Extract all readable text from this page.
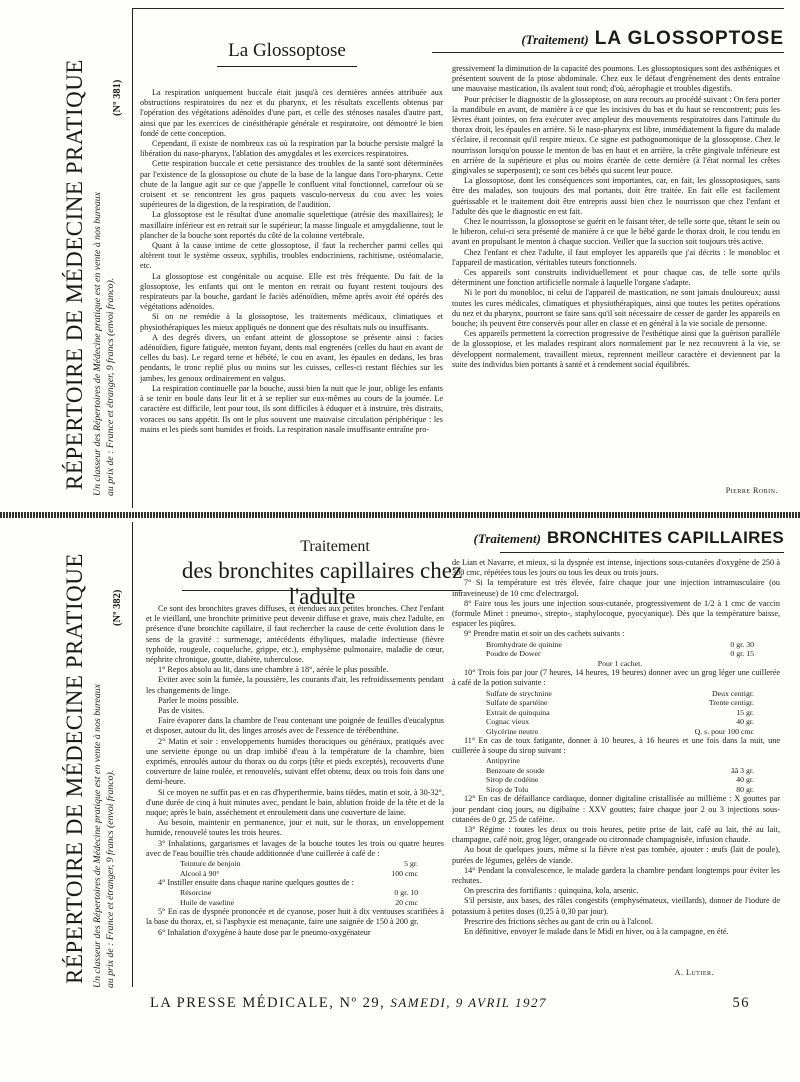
RÉPERTOIRE DE MÉDECINE PRATIQUE Un classeur des Répertoires de Médecine pratique est en vente à nos bureaux au prix de : France et étranger, 9 francs (envoi franco).
(Nº 381)
La Glossoptose
(Traitement) LA GLOSSOPTOSE

La respiration uniquement buccale était jusqu'à ces dernières années attribuée aux obstructions respiratoires du nez et du pharynx, et les résultats excellents obtenus par l'opération des végétations adénoïdes d'une part, et celle des sténoses nasales d'autre part, ainsi que par les exercices de cinésithérapie générale et respiratoire, ont démontré le bien fondé de cette conception.

Cependant, il existe de nombreux cas où la respiration par la bouche persiste malgré la libération du naso-pharynx, l'ablation des amygdales et les exercices respiratoires.

Cette respiration buccale et cette persistance des troubles de la santé sont déterminées par l'existence de la glossoptose ou chute de la base de la langue dans l'oro-pharynx. Cette chute de la langue agit sur ce que j'appelle le confluent vital fonctionnel, carrefour où se croisent et se rencontrent les gros paquets vasculo-nerveux du cou avec les voies supérieures de la digestion, de la respiration, de l'audition.

La glossoptose est le résultat d'une anomalie squelettique (atrésie des maxillaires); le maxillaire inférieur est en retrait sur le supérieur; la masse linguale et amygdalienne, tout le plancher de la bouche sont reportés du côté de la colonne vertébrale.

Quant à la cause intime de cette glossoptose, il faut la rechercher parmi celles qui altèrent tout le système osseux, syphilis, troubles endocriniens, rachitisme, ostéomalacie, etc.

La glossoptose est congénitale ou acquise. Elle est très fréquente. Du fait de la glossoptose, les enfants qui ont le menton en retrait ou fuyant restent toujours des respirateurs par la bouche, gardant le faciès adénoïdien, même après avoir été opérés des végétations adénoïdes.

Si on ne remédie à la glossoptose, les traitements médicaux, climatiques et physiothérapiques les mieux appliqués ne donnent que des résultats nuls ou insuffisants.

A des degrés divers, un enfant atteint de glossoptose se présente ainsi : facies adénoïdien, figure fatiguée, menton fuyant, dents mal engrenées (celles du haut en avant de celles du bas). Le regard terne et hébété, le cou en avant, les épaules en dedans, les bras pendants, le tronc replié plus ou moins sur les cuisses, celles-ci restant fléchies sur les jambes, les genoux ordinairement en valgus.

La respiration continuelle par la bouche, aussi bien la nuit que le jour, oblige les enfants à se tenir en boule dans leur lit et à se replier sur eux-mêmes au cours de la journée. Le caractère est difficile, lent pour tout, ils sont difficiles à éduquer et à instruire, très distraits, voraces ou sans appétit. Ils ont le plus souvent une mauvaise circulation périphérique : les mains et les pieds sont humides et froids. La respiration nasale insuffisante entraîne pro-

gressivement la diminution de la capacité des poumons. Les glossoptosiques sont des asthéniques et présentent souvent de la ptose abdominale. Chez eux le défaut d'engrènement des dents entraîne une mauvaise mastication, ils avalent tout rond; d'où, aérophagie et troubles digestifs.

Pour préciser le diagnostic de la glossoptose, on aura recours au procédé suivant : On fera porter la mandibule en avant, de manière à ce que les incisives du bas et du haut se rencontrent; puis les lèvres étant jointes, on fera exécuter avec ampleur des mouvements respiratoires dans l'attitude du thorax droit, les épaules en arrière. Si le naso-pharynx est libre, immédiatement la figure du malade s'éclaire, il reconnait qu'il respire mieux. Ce signe est pathognomonique de la glossoptose. Chez le nourrisson lorsqu'on pousse le menton de bas en haut et en arrière, la crête gingivale inférieure est en arrière de la supérieure et plus ou moins écartée de cette dernière (à l'état normal les crêtes gingivales se superposent); ce sont ces bébés qui sucent leur pouce.

La glossoptose, dont les conséquences sont importantes, car, en fait, les glossoptosiques, sans être des malades, son toujours des mal portants, doit être traitée. En fait elle est facilement guérissable et le traitement doit être entrepris aussi bien chez le nourrisson que chez l'enfant et l'adulte dès que le diagnostic en est fait.

Chez le nourrisson, la glossoptose se guérit en le faisant téter, de telle sorte que, tétant le sein ou le biberon, celui-ci sera présenté de manière à ce que le bébé garde le thorax droit, le cou tendu en avant en propulsant le menton à chaque succion. Veiller que la succion soit toujours très active.

Chez l'enfant et chez l'adulte, il faut employer les appareils que j'ai décrits : le monobloc et l'appareil de mastication, véritables tuteurs fonctionnels.

Ces appareils sont construits individuellement et pour chaque cas, de telle sorte qu'ils déterminent une fonction artificielle normale à laquelle l'organe s'adapte.

Ni le port du monobloc, ni celui de l'appareil de mastication, ne sont jamais douloureux; aussi toutes les cures médicales, climatiques et physiothérapiques, ainsi que toutes les petites opérations du nez et du pharynx, pourront se faire sans qu'il soit nécessaire de cesser de garder les appareils en bouche; ils peuvent être conservés pour aller en classe et en général à la vie sociale de personne.

Ces appareils permettent la correction progressive de l'esthétique ainsi que la guérison parallèle de la glossoptose, et les malades respirant alors normalement par le nez recouvrent à la vie, se développent normalement, travaillent mieux, reprennent meilleur caractère et deviennent par la suite des individus bien portants à santé et à rendement social équilibrés.

Pierre Robin.
RÉPERTOIRE DE MÉDECINE PRATIQUE Un classeur des Répertoires de Médecine pratique est en vente à nos bureaux au prix de : France et étranger, 9 francs (envoi franco).
(Nº 382)
Traitement
des bronchites capillaires chez l'adulte
(Traitement) BRONCHITES CAPILLAIRES

Ce sont des bronchites graves diffuses, et étendues aux petites bronches. Chez l'enfant et le vieillard, une bronchite primitive peut devenir diffuse et grave, mais chez l'adulte, en présence d'une bronchite capillaire, il faut rechercher la cause de cette évolution dans le sens de la gravité : surmenage, antécédents éthyliques, maladie infectieuse (fièvre typhoïde, rougeole, coqueluche, grippe, etc.), emphysème pulmonaire, maladie de cœur, néphrite chronique, goutte, diabète, tuberculose.

1° Repos absolu au lit, dans une chambre à 18°, aérée le plus possible.

Eviter avec soin la fumée, la poussière, les courants d'air, les refroidissements pendant les changements de linge.

Parler le moins possible.

Pas de visites.

Faire évaporer dans la chambre de l'eau contenant une poignée de feuilles d'eucalyptus et disposer, autour du lit, des linges arrosés avec de l'essence de térébenthine.

2° Matin et soir : enveloppements humides thoraciques ou généraux, pratiqués avec une serviette éponge ou un drap imbibé d'eau à la température de la chambre, bien exprimés, enroulés autour du thorax ou du corps (tête et pieds exceptés), recouverts d'une couverture de laine roulée, et renouvelés, suivant effet obtenu, deux ou trois fois dans une demi-heure.

Si ce moyen ne suffit pas et en cas d'hyperthermie, bains tièdes, matin et soir, à 30-32°, d'une durée de cinq à huit minutes avec, pendant le bain, ablution froide de la tête et de la nuque; après le bain, asséchement et enroulement dans une couverture de laine.

Au besoin, maintenir en permanence, jour et nuit, sur le thorax, un enveloppement humide, renouvelé toutes les trois heures.

3° Inhalations, gargarismes et lavages de la bouche toutes les trois ou quatre heures avec de l'eau bouillie très chaude additionnée d'une cuillerée à café de :

Teinture de benjoin	5 gr.
Alcool à 90°	100 cmc

4° Instiller ensuite dans chaque narine quelques gouttes de :

Résorcine	0 gr. 10
Huile de vaseline	20 cmc

5° En cas de dyspnée prononcée et de cyanose, poser huit à dix ventouses scarifiées à la base du thorax, et, si l'asphyxie est menaçante, faire une saignée de 150 à 200 gr.

6° Inhalation d'oxygène à haute dose par le pneumo-oxygénateur

de Lian et Navarre, et mieux, si la dyspnée est intense, injections sous-cutanées d'oxygène de 250 à 300 cmc, répétées tous les jours ou tous les deux ou trois jours.

7° Si la température est très élevée, faire chaque jour une injection intramusculaire (ou intraveineuse) de 10 cmc d'electrargol.

8° Faire tous les jours une injection sous-cutanée, progressivement de 1/2 à 1 cmc de vaccin (formule Minet : pneumo-, strepto-, staphylocoque, pyocyanique). Dès que la température baisse, espacer les piqûres.

9° Prendre matin et soir un des cachets suivants :

Bromhydrate de quinine	0 gr. 30
Poudre de Dower	0 gr. 15
Pour 1 cachet.

10° Trois fois par jour (7 heures, 14 heures, 19 heures) donner avec un grog léger une cuillerée à café de la potion suivante :

Sulfate de strychnine	Deux centigr.
Sulfate de spartéine	Trente centigr.
Extrait de quinquina	15 gr.
Cognac vieux	40 gr.
Glycérine neutre	Q. s. pour 100 cmc

11° En cas de toux fatigante, donner à 10 heures, à 16 heures et une fois dans la nuit, une cuillerée à soupe du sirop suivant :

Antipyrine
Benzoate de soude	ãã 3 gr.
Sirop de codéine	40 gr.
Sirop de Tolu	80 gr.

12° En cas de défaillance cardiaque, donner digitaline cristallisée au millième : X gouttes par jour pendant cinq jours, ou digibaïne : XXV gouttes; faire chaque jour 2 ou 3 injections sous-cutanées de 0 gr. 25 de caféine.

13° Régime : toutes les deux ou trois heures, petite prise de lait, café au lait, thé au lait, champagne, café noir, grog léger, orangeade ou citronnade champagnisée, infusion chaude.

Au bout de quelques jours, même si la fièvre n'est pas tombée, ajouter : œufs (lait de poule), purées de légumes, gelées de viande.

14° Pendant la convalescence, le malade gardera la chambre pendant longtemps pour éviter les rechutes.

On prescrira des fortifiants : quinquina, kola, arsenic.

S'il persiste, aux bases, des râles congestifs (emphysémateux, vieillards), donner de l'iodure de potassium à petites doses (0,25 à 0,30 par jour).

Prescrire des frictions sèches au gant de crin ou à l'alcool.

En définitive, envoyer le malade dans le Midi en hiver, ou à la campagne, en été.

A. Lutier.
LA PRESSE MÉDICALE, Nº 29, SAMEDI, 9 AVRIL 1927	56
